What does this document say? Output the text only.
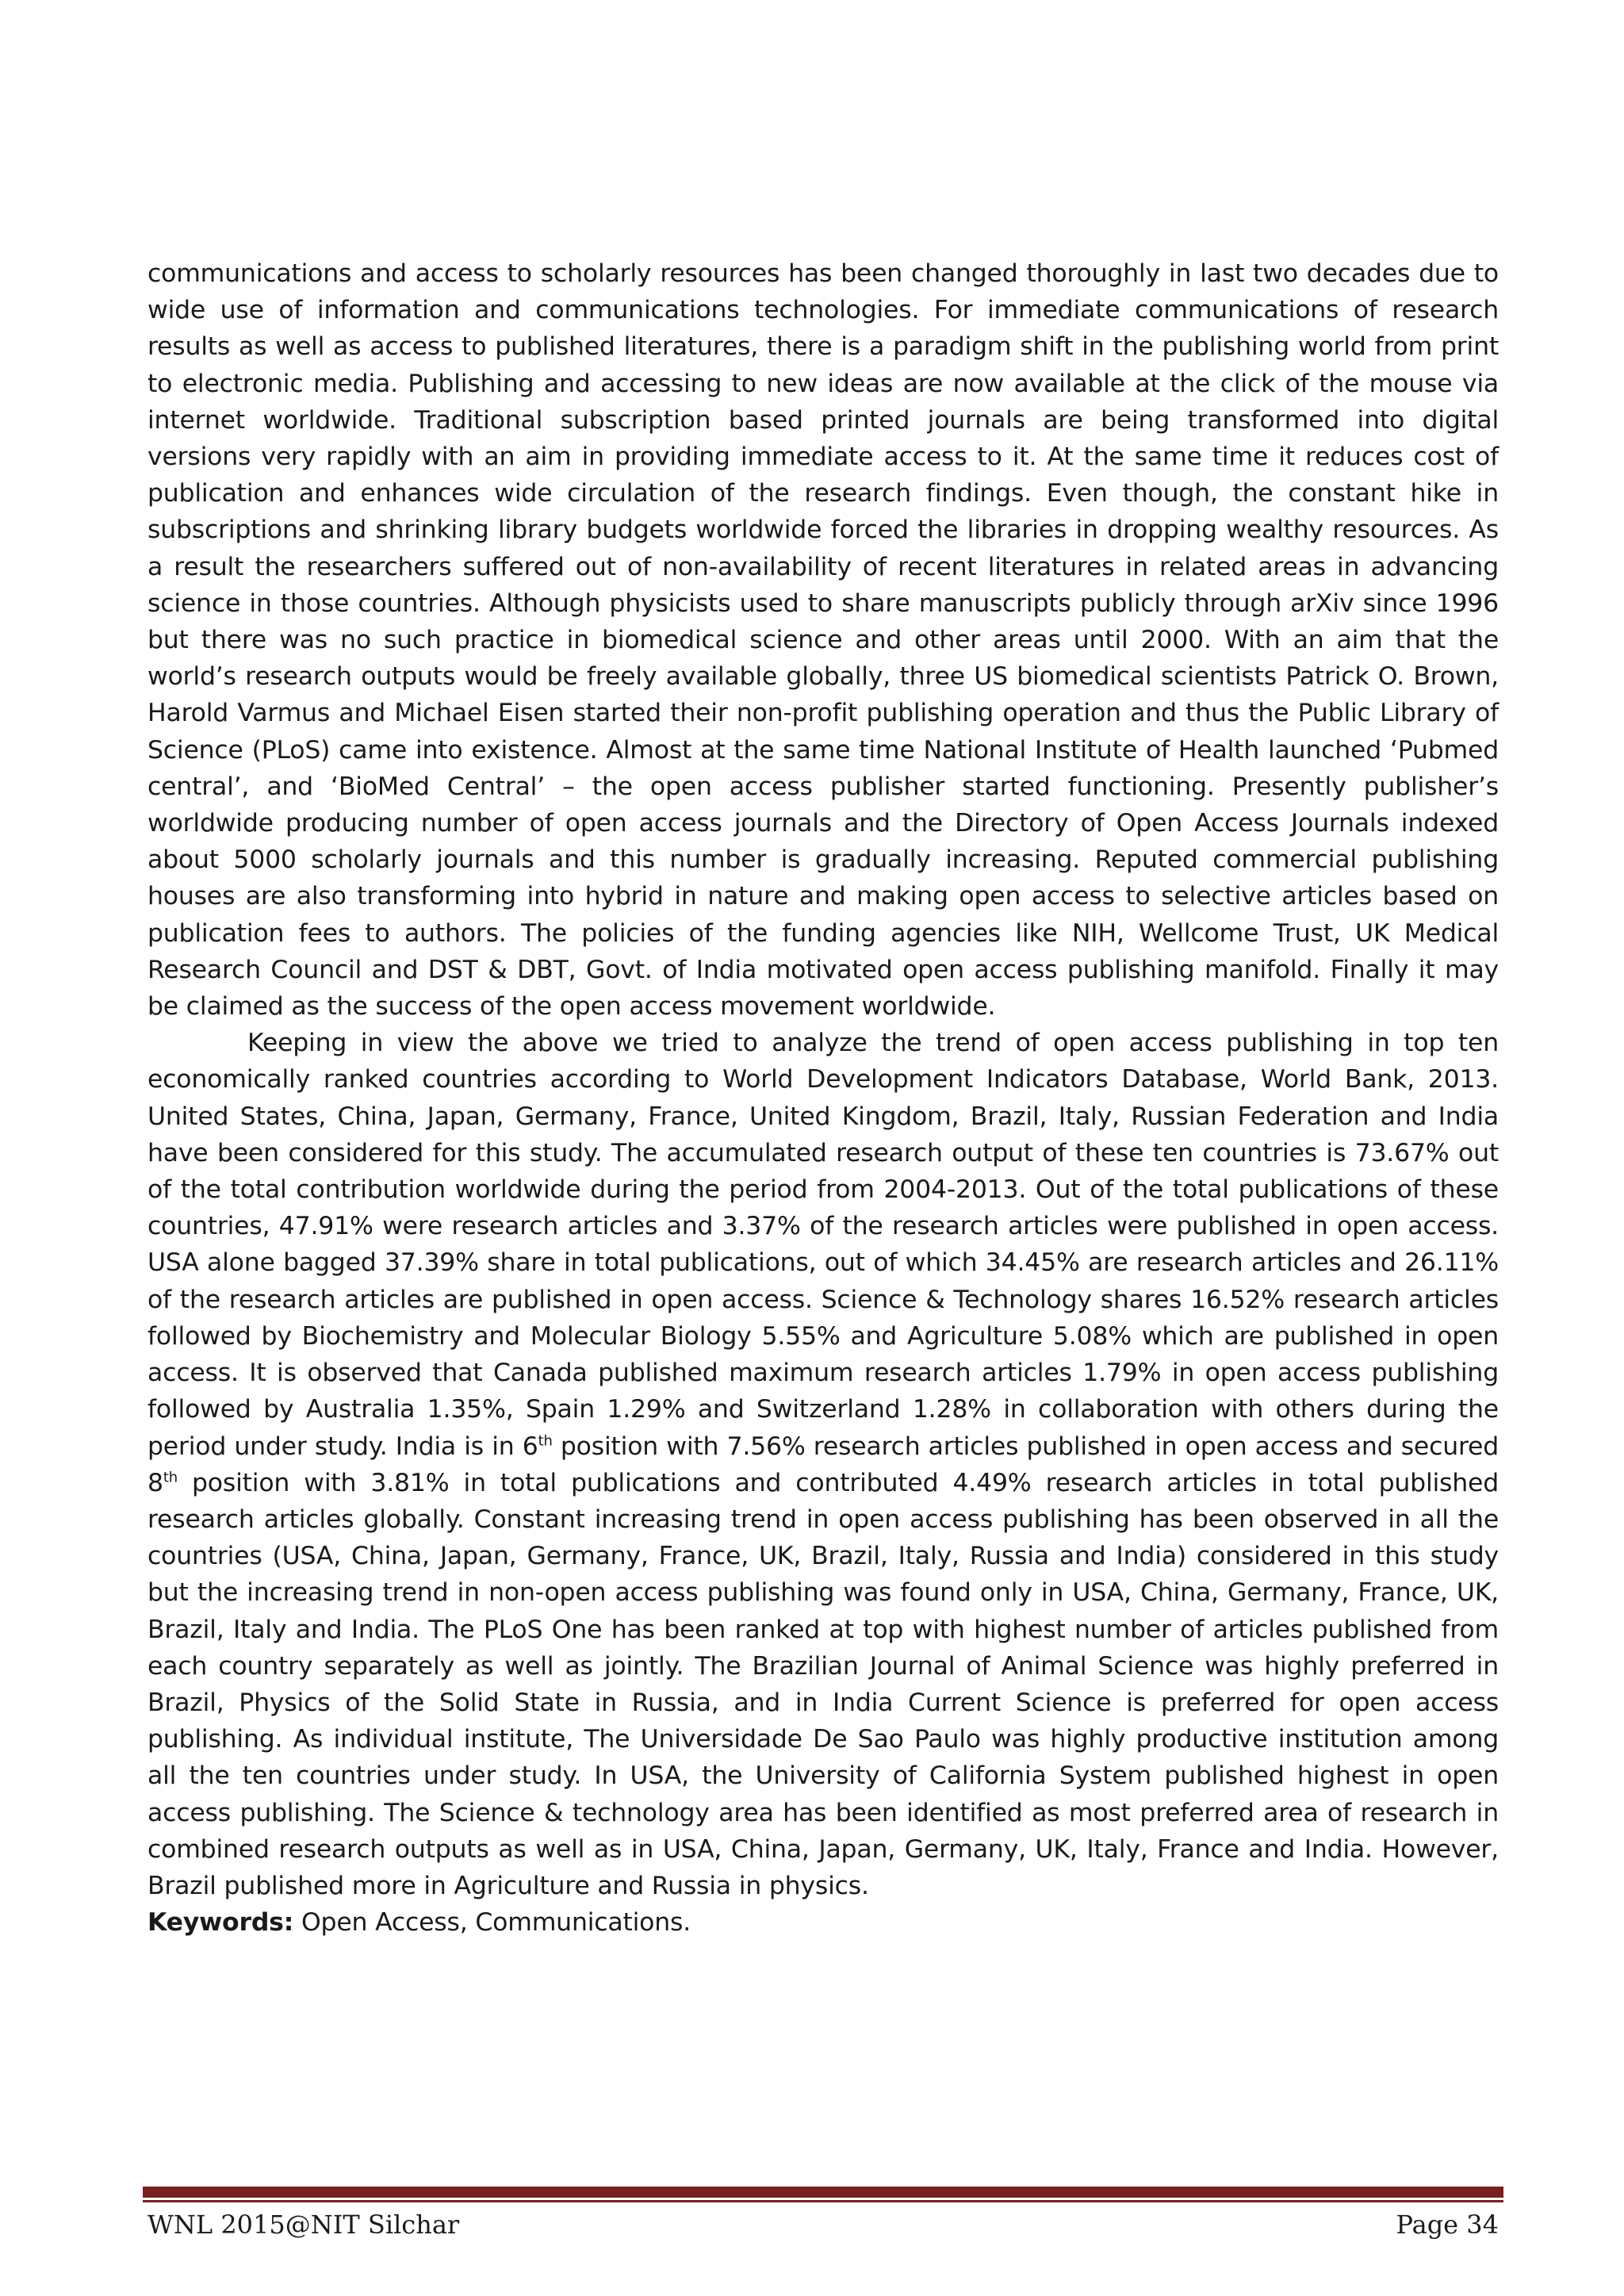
communications and access to scholarly resources has been changed thoroughly in last two decades due to wide use of information and communications technologies. For immediate communications of research results as well as access to published literatures, there is a paradigm shift in the publishing world from print to electronic media. Publishing and accessing to new ideas are now available at the click of the mouse via internet worldwide. Traditional subscription based printed journals are being transformed into digital versions very rapidly with an aim in providing immediate access to it. At the same time it reduces cost of publication and enhances wide circulation of the research findings. Even though, the constant hike in subscriptions and shrinking library budgets worldwide forced the libraries in dropping wealthy resources. As a result the researchers suffered out of non-availability of recent literatures in related areas in advancing science in those countries. Although physicists used to share manuscripts publicly through arXiv since 1996 but there was no such practice in biomedical science and other areas until 2000. With an aim that the world’s research outputs would be freely available globally, three US biomedical scientists Patrick O. Brown, Harold Varmus and Michael Eisen started their non-profit publishing operation and thus the Public Library of Science (PLoS) came into existence. Almost at the same time National Institute of Health launched ‘Pubmed central’, and ‘BioMed Central’ – the open access publisher started functioning. Presently publisher’s worldwide producing number of open access journals and the Directory of Open Access Journals indexed about 5000 scholarly journals and this number is gradually increasing. Reputed commercial publishing houses are also transforming into hybrid in nature and making open access to selective articles based on publication fees to authors. The policies of the funding agencies like NIH, Wellcome Trust, UK Medical Research Council and DST & DBT, Govt. of India motivated open access publishing manifold. Finally it may be claimed as the success of the open access movement worldwide.

Keeping in view the above we tried to analyze the trend of open access publishing in top ten economically ranked countries according to World Development Indicators Database, World Bank, 2013. United States, China, Japan, Germany, France, United Kingdom, Brazil, Italy, Russian Federation and India have been considered for this study. The accumulated research output of these ten countries is 73.67% out of the total contribution worldwide during the period from 2004-2013. Out of the total publications of these countries, 47.91% were research articles and 3.37% of the research articles were published in open access. USA alone bagged 37.39% share in total publications, out of which 34.45% are research articles and 26.11% of the research articles are published in open access. Science & Technology shares 16.52% research articles followed by Biochemistry and Molecular Biology 5.55% and Agriculture 5.08% which are published in open access. It is observed that Canada published maximum research articles 1.79% in open access publishing followed by Australia 1.35%, Spain 1.29% and Switzerland 1.28% in collaboration with others during the period under study. India is in 6th position with 7.56% research articles published in open access and secured 8th position with 3.81% in total publications and contributed 4.49% research articles in total published research articles globally. Constant increasing trend in open access publishing has been observed in all the countries (USA, China, Japan, Germany, France, UK, Brazil, Italy, Russia and India) considered in this study but the increasing trend in non-open access publishing was found only in USA, China, Germany, France, UK, Brazil, Italy and India. The PLoS One has been ranked at top with highest number of articles published from each country separately as well as jointly. The Brazilian Journal of Animal Science was highly preferred in Brazil, Physics of the Solid State in Russia, and in India Current Science is preferred for open access publishing. As individual institute, The Universidade De Sao Paulo was highly productive institution among all the ten countries under study. In USA, the University of California System published highest in open access publishing. The Science & technology area has been identified as most preferred area of research in combined research outputs as well as in USA, China, Japan, Germany, UK, Italy, France and India. However, Brazil published more in Agriculture and Russia in physics.

Keywords: Open Access, Communications.

WNL 2015@NIT Silchar	Page 34
